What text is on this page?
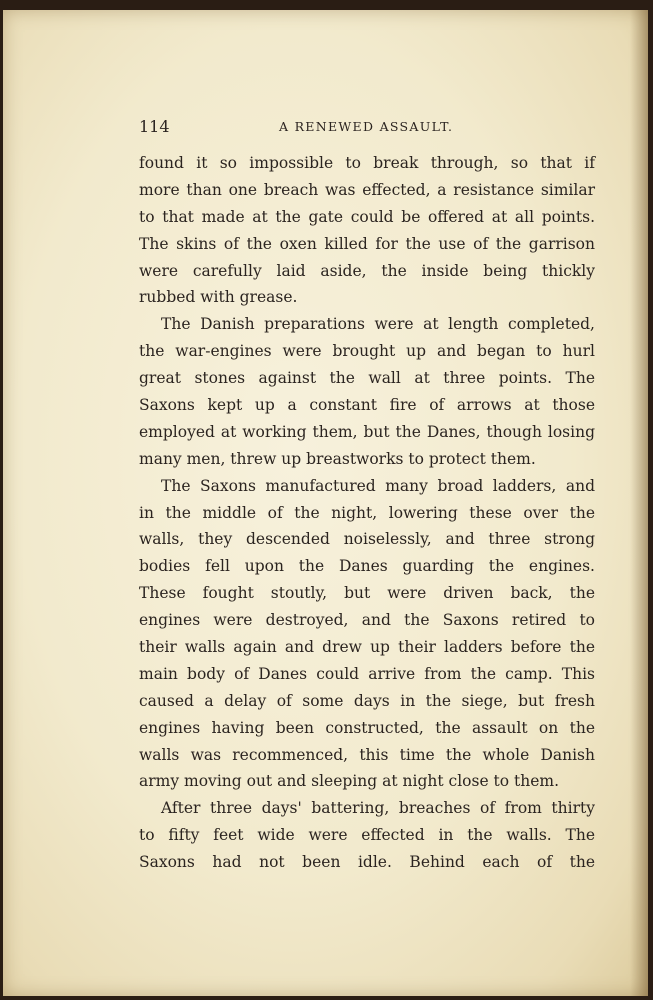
114	A RENEWED ASSAULT.
found it so impossible to break through, so that if
more than one breach was effected, a resistance similar
to that made at the gate could be offered at all points.
The skins of the oxen killed for the use of the garrison
were carefully laid aside, the inside being thickly
rubbed with grease.
The Danish preparations were at length completed,
the war-engines were brought up and began to hurl
great stones against the wall at three points. The
Saxons kept up a constant fire of arrows at those
employed at working them, but the Danes, though losing
many men, threw up breastworks to protect them.
The Saxons manufactured many broad ladders, and
in the middle of the night, lowering these over the
walls, they descended noiselessly, and three strong
bodies fell upon the Danes guarding the engines.
These fought stoutly, but were driven back, the
engines were destroyed, and the Saxons retired to
their walls again and drew up their ladders before the
main body of Danes could arrive from the camp. This
caused a delay of some days in the siege, but fresh
engines having been constructed, the assault on the
walls was recommenced, this time the whole Danish
army moving out and sleeping at night close to them.
After three days' battering, breaches of from thirty
to fifty feet wide were effected in the walls. The
Saxons had not been idle. Behind each of the
